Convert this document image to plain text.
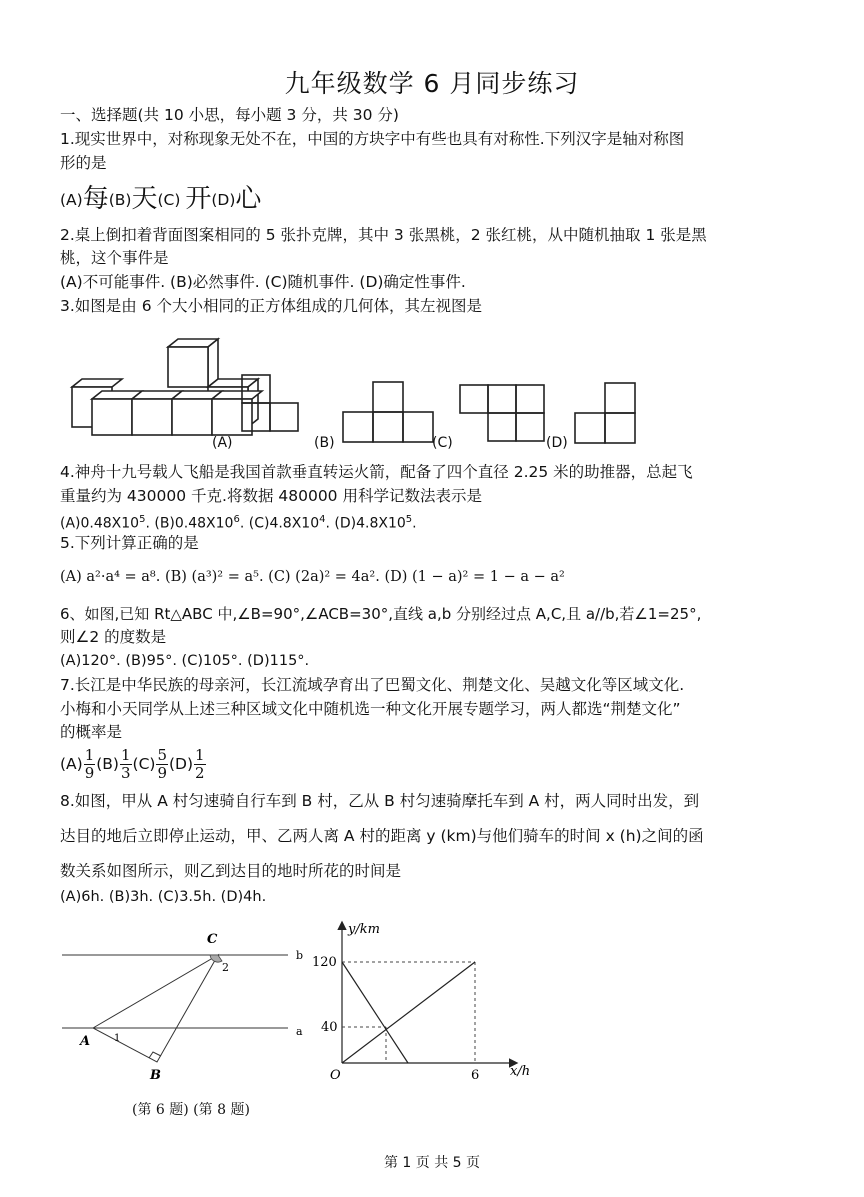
九年级数学 6 月同步练习
一、选择题(共 10 小思，每小题 3 分，共 30 分)
1.现实世界中，对称现象无处不在，中国的方块字中有些也具有对称性.下列汉字是轴对称图
形的是
(A)每(B)天(C) 开(D)心
2.桌上倒扣着背面图案相同的 5 张扑克牌，其中 3 张黑桃，2 张红桃，从中随机抽取 1 张是黑
桃，这个事件是
(A)不可能事件. (B)必然事件. (C)随机事件. (D)确定性事件.
3.如图是由 6 个大小相同的正方体组成的几何体，其左视图是
(A)	(B)	(C)	(D)
4.神舟十九号载人飞船是我国首款垂直转运火箭，配备了四个直径 2.25 米的助推器，总起飞
重量约为 430000 千克.将数据 480000 用科学记数法表示是
$(A)0.48X10^5$. $(B)0.48X10^6$. $(C)4.8X10^4$. $(D)4.8X10^5$.
5.下列计算正确的是
(A) a²·a⁴ = a⁸. (B) (a³)² = a⁵. (C) (2a)² = 4a². (D) (1 − a)² = 1 − a − a²
6、如图,已知 Rt△ABC 中,∠B=90°,∠ACB=30°,直线 a,b 分别经过点 A,C,且 a//b,若∠1=25°,
则∠2 的度数是
(A)120°. (B)95°. (C)105°. (D)115°.
7.长江是中华民族的母亲河，长江流域孕育出了巴蜀文化、荆楚文化、吴越文化等区域文化.
小梅和小天同学从上述三种区域文化中随机选一种文化开展专题学习，两人都选“荆楚文化”
的概率是
$(A) \frac{1}{9} (B) \frac{1}{3} (C) \frac{5}{9} (D) \frac{1}{2}$
8.如图，甲从 A 村匀速骑自行车到 B 村，乙从 B 村匀速骑摩托车到 A 村，两人同时出发，到
达目的地后立即停止运动，甲、乙两人离 A 村的距离 y (km)与他们骑车的时间 x (h)之间的函
数关系如图所示，则乙到达目的地时所花的时间是
(A)6h. (B)3h. (C)3.5h. (D)4h.
C
2
b
a
A 1
B
y/km
x/h
120
40
O	6
(第 6 题) (第 8 题)
第 1 页 共 5 页
